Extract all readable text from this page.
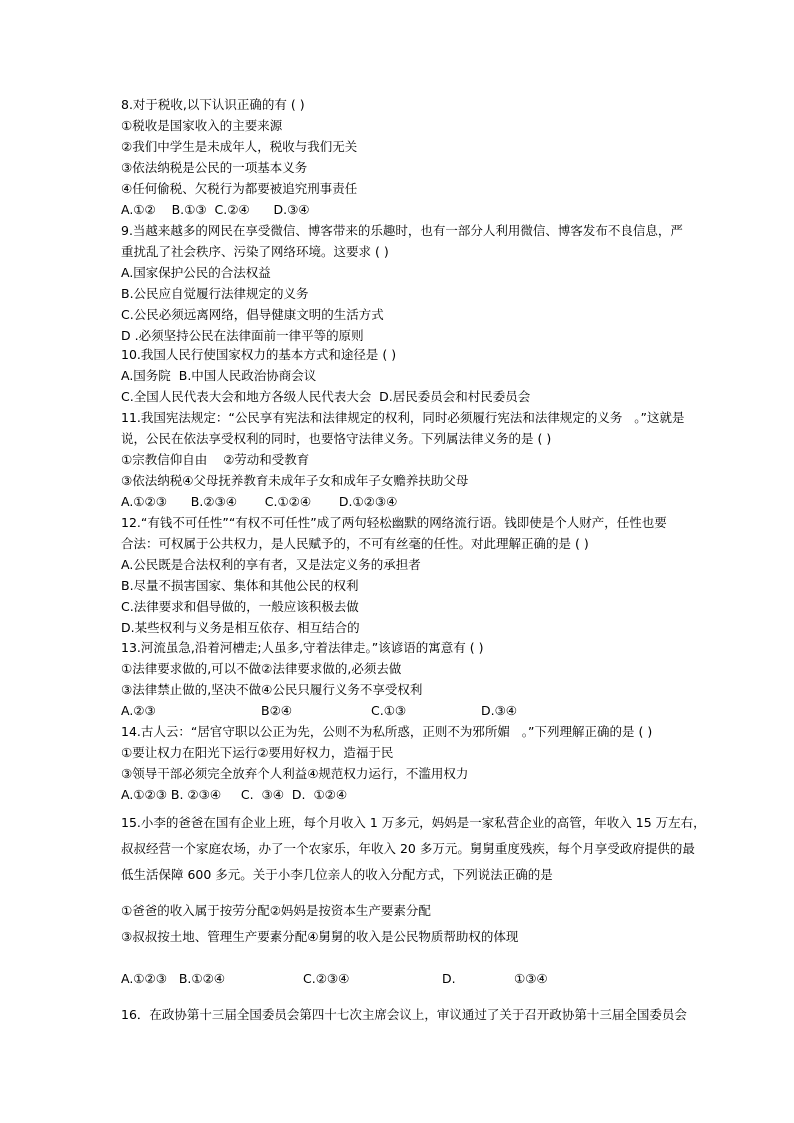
8.对于税收,以下认识正确的有 ( )
①税收是国家收入的主要来源
②我们中学生是未成年人，税收与我们无关
③依法纳税是公民的一项基本义务
④任何偷税、欠税行为都要被追究刑事责任
A.①②    B.①③  C.②④      D.③④
9.当越来越多的网民在享受微信、博客带来的乐趣时，也有一部分人利用微信、博客发布不良信息，严
重扰乱了社会秩序、污染了网络环境。这要求 ( )
A.国家保护公民的合法权益
B.公民应自觉履行法律规定的义务
C.公民必须远离网络，倡导健康文明的生活方式
D .必须坚持公民在法律面前一律平等的原则
10.我国人民行使国家权力的基本方式和途径是 ( )
A.国务院  B.中国人民政治协商会议
C.全国人民代表大会和地方各级人民代表大会  D.居民委员会和村民委员会
11.我国宪法规定：“公民享有宪法和法律规定的权利，同时必须履行宪法和法律规定的义务   。”这就是
说，公民在依法享受权利的同时，也要恪守法律义务。下列属法律义务的是 ( )
①宗教信仰自由    ②劳动和受教育
③依法纳税④父母抚养教育未成年子女和成年子女赡养扶助父母
A.①②③      B.②③④       C.①②④       D.①②③④
12.“有钱不可任性”“有权不可任性”成了两句轻松幽默的网络流行语。钱即使是个人财产，任性也要
合法：可权属于公共权力，是人民赋予的，不可有丝毫的任性。对此理解正确的是 ( )
A.公民既是合法权利的享有者，又是法定义务的承担者
B.尽量不损害国家、集体和其他公民的权利
C.法律要求和倡导做的，一般应该积极去做
D.某些权利与义务是相互依存、相互结合的
13.河流虽急,沿着河槽走;人虽多,守着法律走。”该谚语的寓意有 ( )
①法律要求做的,可以不做②法律要求做的,必须去做
③法律禁止做的,坚决不做④公民只履行义务不享受权利
A.②③	B②④	C.①③	D.③④
14.古人云：“居官守职以公正为先，公则不为私所惑，正则不为邪所媚   。”下列理解正确的是 ( )
①要让权力在阳光下运行②要用好权力，造福于民
③领导干部必须完全放弃个人利益④规范权力运行，不滥用权力
A.①②③ B. ②③④     C.  ③④  D.  ①②④
15.小李的爸爸在国有企业上班，每个月收入 1 万多元，妈妈是一家私营企业的高管，年收入 15 万左右，
叔叔经营一个家庭农场，办了一个农家乐，年收入 20 多万元。舅舅重度残疾，每个月享受政府提供的最
低生活保障 600 多元。关于小李几位亲人的收入分配方式，下列说法正确的是
①爸爸的收入属于按劳分配②妈妈是按资本生产要素分配
③叔叔按土地、管理生产要素分配④舅舅的收入是公民物质帮助权的体现
A.①②③   B.①②④	C.②③④	D.	①③④
16．在政协第十三届全国委员会第四十七次主席会议上，审议通过了关于召开政协第十三届全国委员会
